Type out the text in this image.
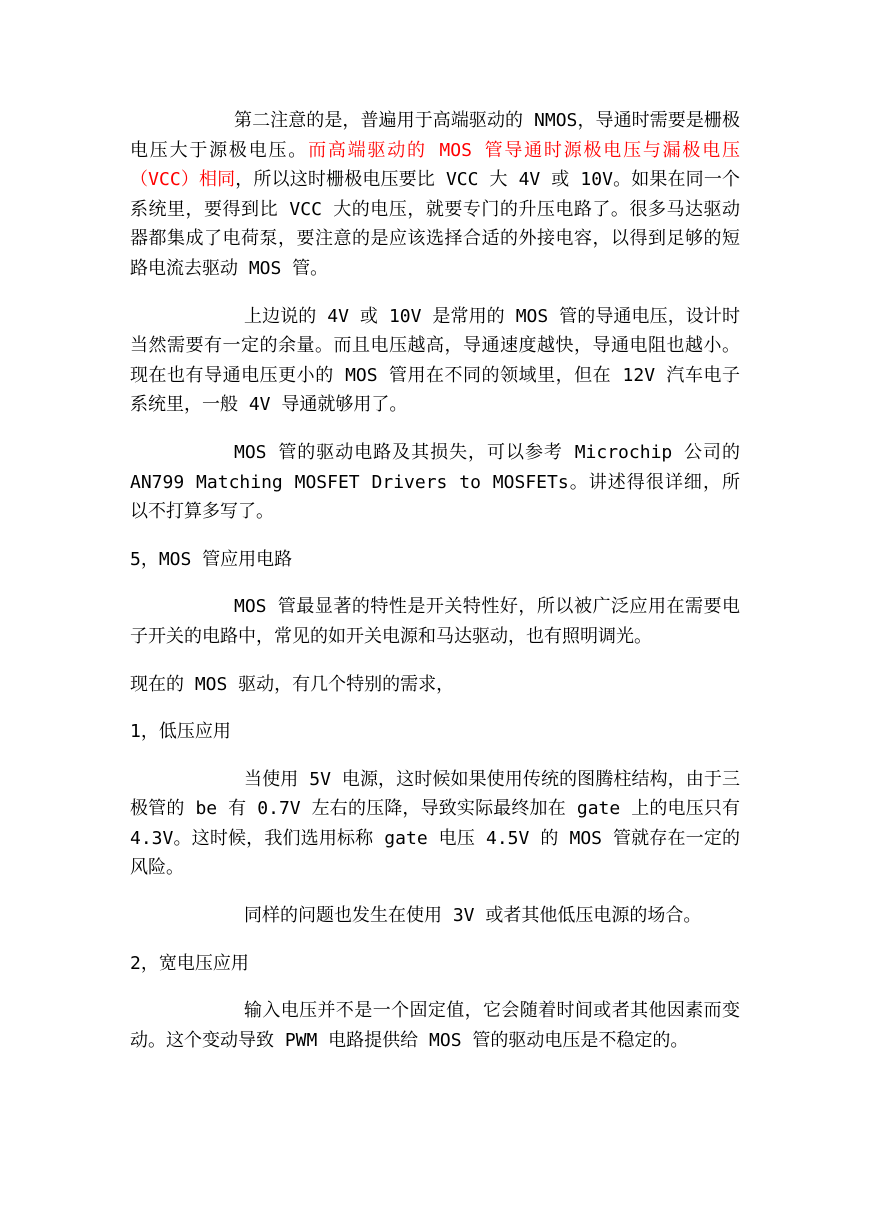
第二注意的是，普遍用于高端驱动的 NMOS，导通时需要是栅极电压大于源极电压。而高端驱动的 MOS 管导通时源极电压与漏极电压（VCC）相同，所以这时栅极电压要比 VCC 大 4V 或 10V。如果在同一个系统里，要得到比 VCC 大的电压，就要专门的升压电路了。很多马达驱动器都集成了电荷泵，要注意的是应该选择合适的外接电容，以得到足够的短路电流去驱动 MOS 管。

上边说的 4V 或 10V 是常用的 MOS 管的导通电压，设计时当然需要有一定的余量。而且电压越高，导通速度越快，导通电阻也越小。现在也有导通电压更小的 MOS 管用在不同的领域里，但在 12V 汽车电子系统里，一般 4V 导通就够用了。

MOS 管的驱动电路及其损失，可以参考 Microchip 公司的 AN799 Matching MOSFET Drivers to MOSFETs。讲述得很详细，所以不打算多写了。

5，MOS 管应用电路

MOS 管最显著的特性是开关特性好，所以被广泛应用在需要电子开关的电路中，常见的如开关电源和马达驱动，也有照明调光。

现在的 MOS 驱动，有几个特别的需求，

1，低压应用

当使用 5V 电源，这时候如果使用传统的图腾柱结构，由于三极管的 be 有 0.7V 左右的压降，导致实际最终加在 gate 上的电压只有 4.3V。这时候，我们选用标称 gate 电压 4.5V 的 MOS 管就存在一定的风险。

同样的问题也发生在使用 3V 或者其他低压电源的场合。

2，宽电压应用

输入电压并不是一个固定值，它会随着时间或者其他因素而变动。这个变动导致 PWM 电路提供给 MOS 管的驱动电压是不稳定的。
